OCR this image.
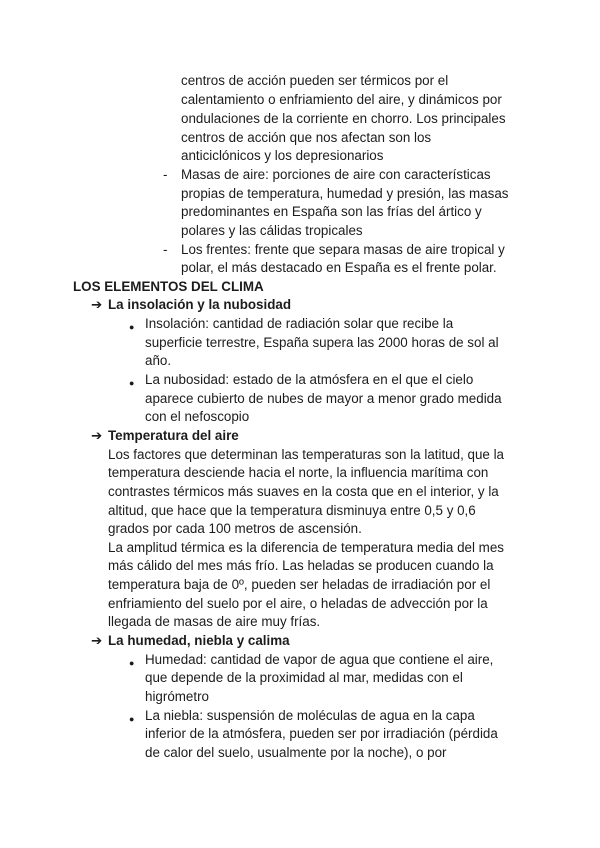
centros de acción pueden ser térmicos por el
calentamiento o enfriamiento del aire, y dinámicos por
ondulaciones de la corriente en chorro. Los principales
centros de acción que nos afectan son los
anticiclónicos y los depresionarios
- Masas de aire: porciones de aire con características
propias de temperatura, humedad y presión, las masas
predominantes en España son las frías del ártico y
polares y las cálidas tropicales
- Los frentes: frente que separa masas de aire tropical y
polar, el más destacado en España es el frente polar.
LOS ELEMENTOS DEL CLIMA
➔ La insolación y la nubosidad
● Insolación: cantidad de radiación solar que recibe la
superficie terrestre, España supera las 2000 horas de sol al
año.
● La nubosidad: estado de la atmósfera en el que el cielo
aparece cubierto de nubes de mayor a menor grado medida
con el nefoscopio
➔ Temperatura del aire
Los factores que determinan las temperaturas son la latitud, que la
temperatura desciende hacia el norte, la influencia marítima con
contrastes térmicos más suaves en la costa que en el interior, y la
altitud, que hace que la temperatura disminuya entre 0,5 y 0,6
grados por cada 100 metros de ascensión.
La amplitud térmica es la diferencia de temperatura media del mes
más cálido del mes más frío. Las heladas se producen cuando la
temperatura baja de 0º, pueden ser heladas de irradiación por el
enfriamiento del suelo por el aire, o heladas de advección por la
llegada de masas de aire muy frías.
➔ La humedad, niebla y calima
● Humedad: cantidad de vapor de agua que contiene el aire,
que depende de la proximidad al mar, medidas con el
higrómetro
● La niebla: suspensión de moléculas de agua en la capa
inferior de la atmósfera, pueden ser por irradiación (pérdida
de calor del suelo, usualmente por la noche), o por
